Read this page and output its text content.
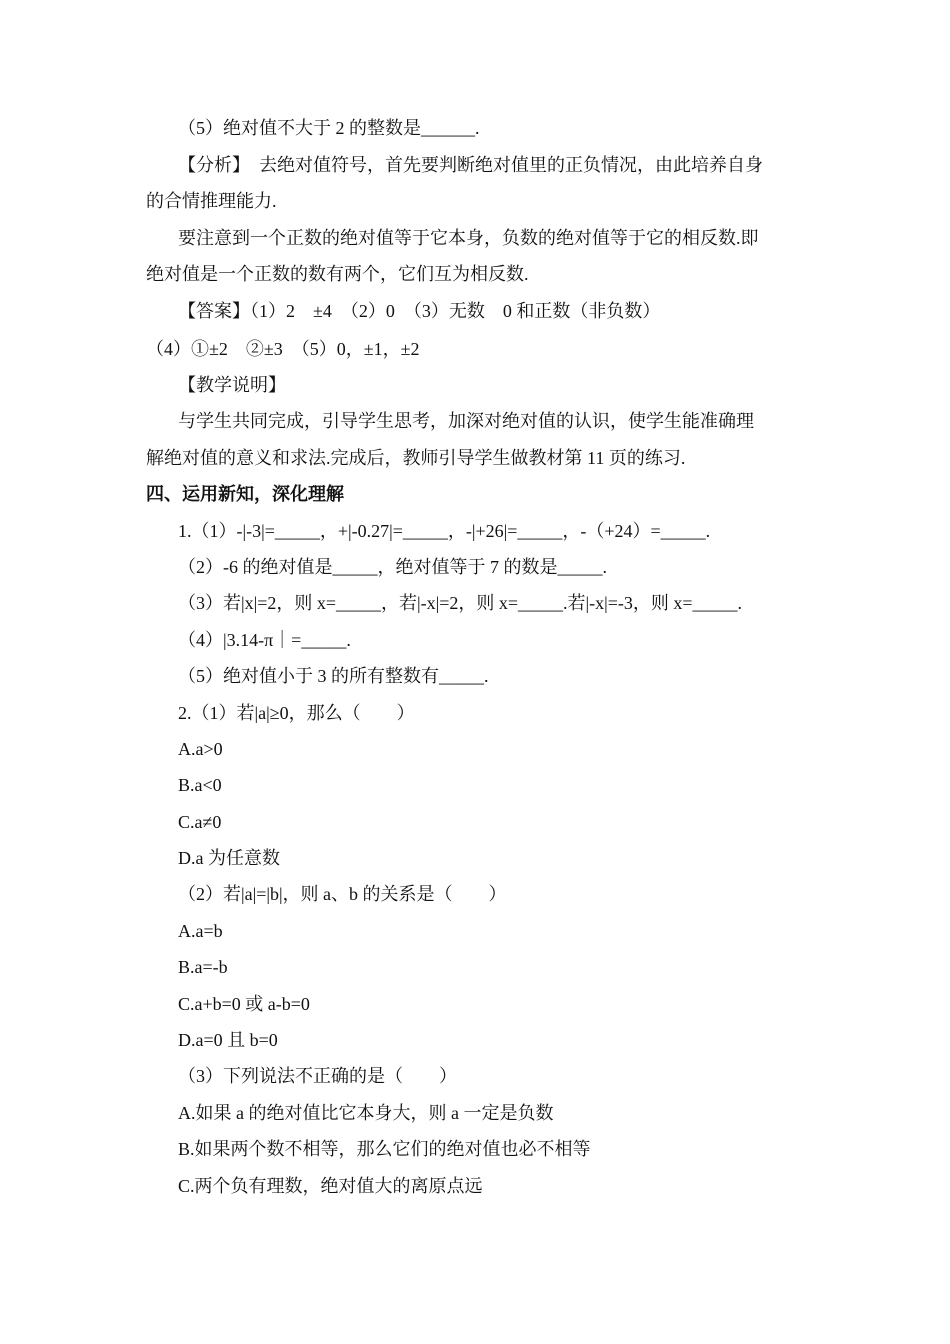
（5）绝对值不大于 2 的整数是______.
【分析】　去绝对值符号，首先要判断绝对值里的正负情况，由此培养自身
的合情推理能力.
要注意到一个正数的绝对值等于它本身，负数的绝对值等于它的相反数.即
绝对值是一个正数的数有两个，它们互为相反数.
【答案】（1）2　±4　（2）0　（3）无数　0 和正数（非负数）
（4）①±2　②±3　（5）0，±1，±2
【教学说明】
与学生共同完成，引导学生思考，加深对绝对值的认识，使学生能准确理
解绝对值的意义和求法.完成后，教师引导学生做教材第 11 页的练习.
四、运用新知，深化理解
1.（1）-|-3|=_____，+|-0.27|=_____，-|+26|=_____，-（+24）=_____.
（2）-6 的绝对值是_____，绝对值等于 7 的数是_____.
（3）若|x|=2，则 x=_____，若|-x|=2，则 x=_____.若|-x|=-3，则 x=_____.
（4）|3.14-π｜=_____.
（5）绝对值小于 3 的所有整数有_____.
2.（1）若|a|≥0，那么（　　）
A.a>0
B.a<0
C.a≠0
D.a 为任意数
（2）若|a|=|b|，则 a、b 的关系是（　　）
A.a=b
B.a=-b
C.a+b=0 或 a-b=0
D.a=0 且 b=0
（3）下列说法不正确的是（　　）
A.如果 a 的绝对值比它本身大，则 a 一定是负数
B.如果两个数不相等，那么它们的绝对值也必不相等
C.两个负有理数，绝对值大的离原点远
